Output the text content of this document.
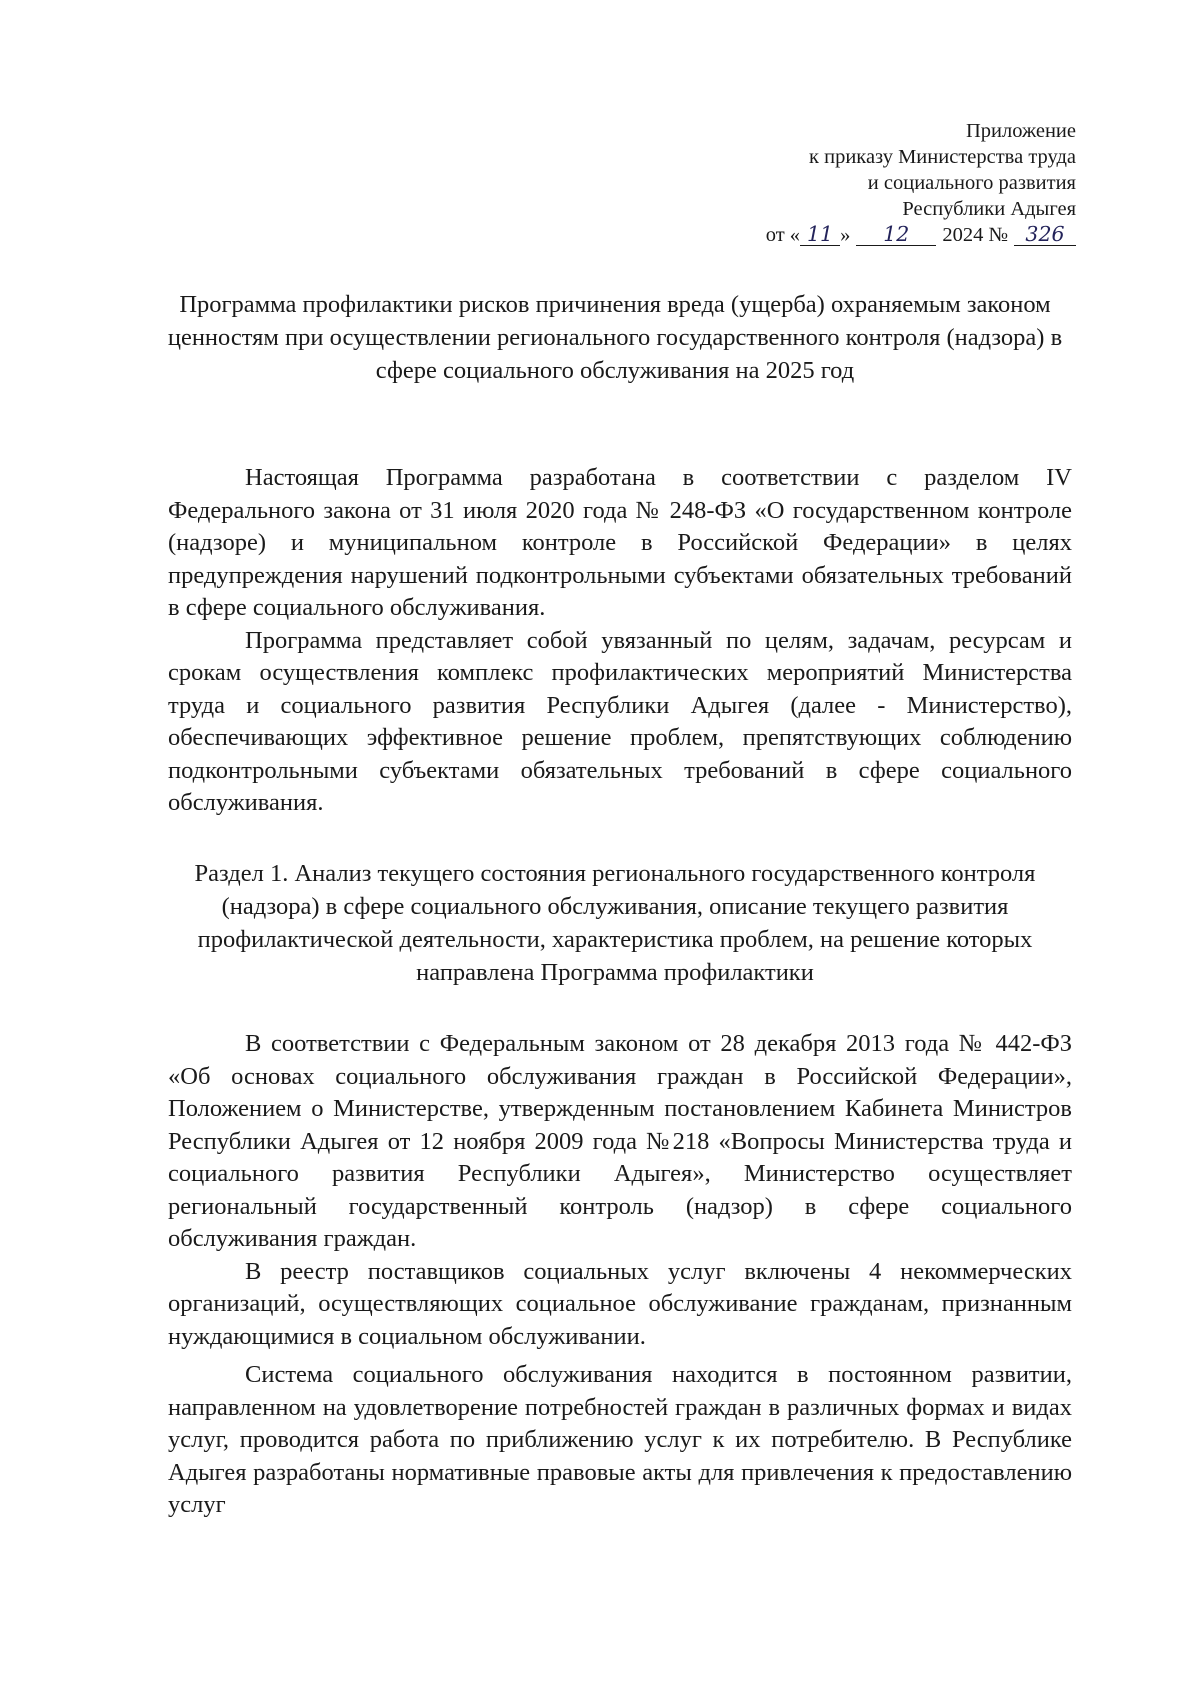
Приложение
к приказу Министерства труда
и социального развития
Республики Адыгея
от « 11 » 12 2024 № 326
Программа профилактики рисков причинения вреда (ущерба) охраняемым законом ценностям при осуществлении регионального государственного контроля (надзора) в сфере социального обслуживания на 2025 год

Настоящая Программа разработана в соответствии с разделом IV Федерального закона от 31 июля 2020 года № 248-ФЗ «О государственном контроле (надзоре) и муниципальном контроле в Российской Федерации» в целях предупреждения нарушений подконтрольными субъектами обязательных требований в сфере социального обслуживания.

Программа представляет собой увязанный по целям, задачам, ресурсам и срокам осуществления комплекс профилактических мероприятий Министерства труда и социального развития Республики Адыгея (далее - Министерство), обеспечивающих эффективное решение проблем, препятствующих соблюдению подконтрольными субъектами обязательных требований в сфере социального обслуживания.

Раздел 1. Анализ текущего состояния регионального государственного контроля (надзора) в сфере социального обслуживания, описание текущего развития профилактической деятельности, характеристика проблем, на решение которых направлена Программа профилактики

В соответствии с Федеральным законом от 28 декабря 2013 года № 442-ФЗ «Об основах социального обслуживания граждан в Российской Федерации», Положением о Министерстве, утвержденным постановлением Кабинета Министров Республики Адыгея от 12 ноября 2009 года №218 «Вопросы Министерства труда и социального развития Республики Адыгея», Министерство осуществляет региональный государственный контроль (надзор) в сфере социального обслуживания граждан.

В реестр поставщиков социальных услуг включены 4 некоммерческих организаций, осуществляющих социальное обслуживание гражданам, признанным нуждающимися в социальном обслуживании.

Система социального обслуживания находится в постоянном развитии, направленном на удовлетворение потребностей граждан в различных формах и видах услуг, проводится работа по приближению услуг к их потребителю. В Республике Адыгея разработаны нормативные правовые акты для привлечения к предоставлению услуг
